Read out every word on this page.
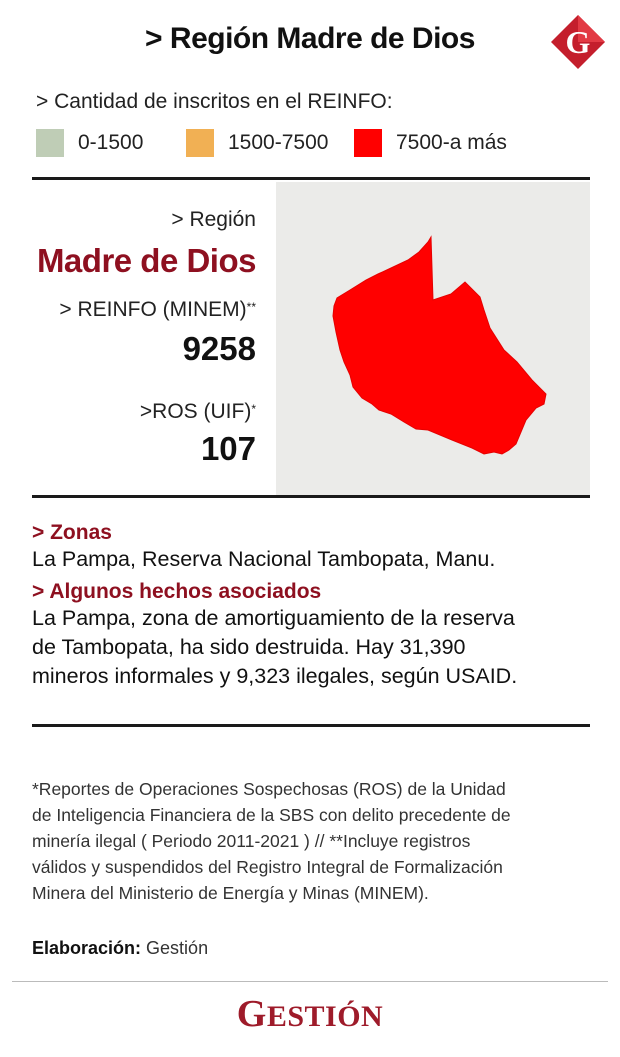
> Región Madre de Dios	G
> Cantidad de inscritos en el REINFO:
0-1500	1500-7500	7500-a más
> Región
Madre de Dios
> REINFO (MINEM)**
9258
>ROS (UIF)*
107
> Zonas
La Pampa, Reserva Nacional Tambopata, Manu.
> Algunos hechos asociados
La Pampa, zona de amortiguamiento de la reserva
de Tambopata, ha sido destruida. Hay 31,390
mineros informales y 9,323 ilegales, según USAID.
*Reportes de Operaciones Sospechosas (ROS) de la Unidad
de Inteligencia Financiera de la SBS con delito precedente de
minería ilegal ( Periodo 2011-2021 ) // **Incluye registros
válidos y suspendidos del Registro Integral de Formalización
Minera del Ministerio de Energía y Minas (MINEM).
Elaboración: Gestión
GESTIÓN
